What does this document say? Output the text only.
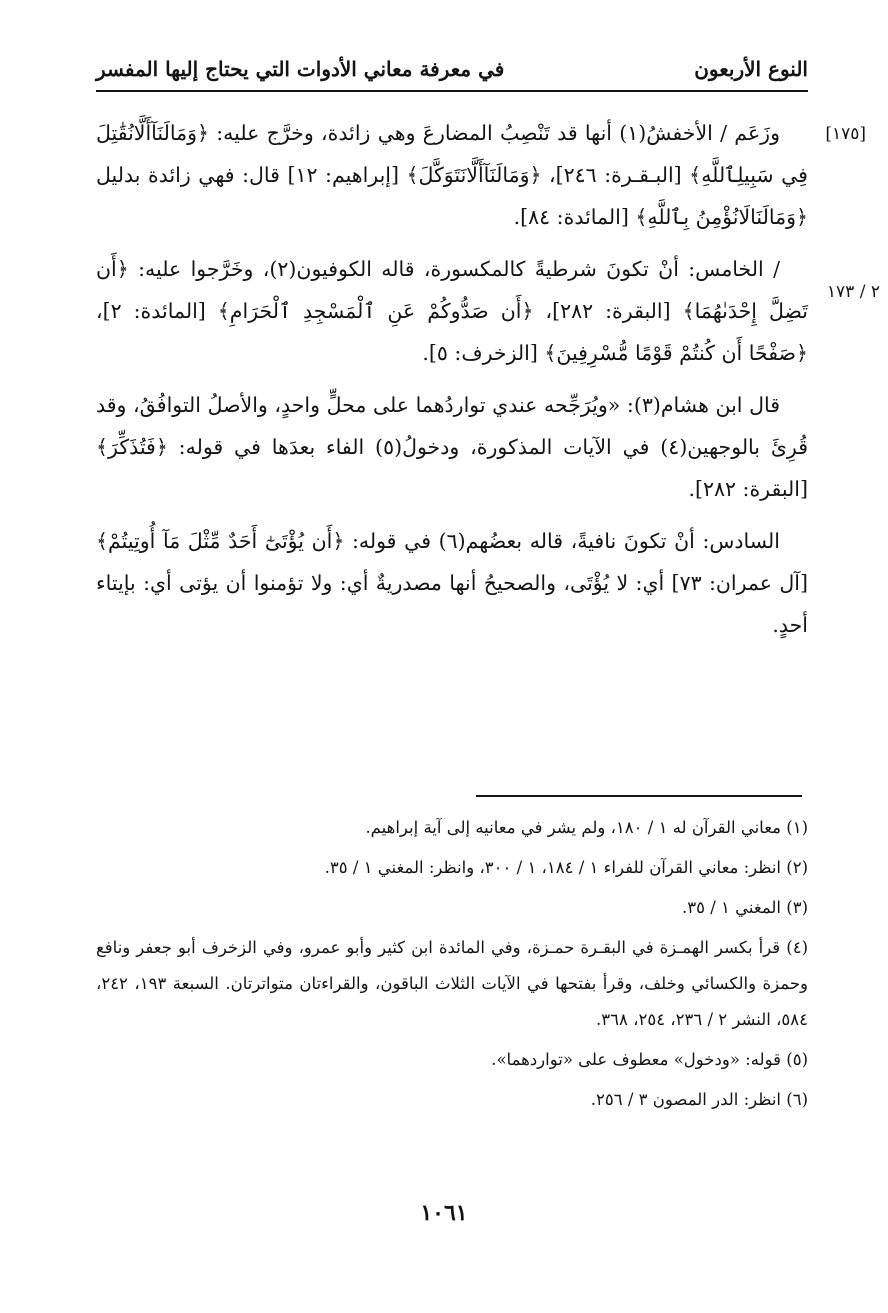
النوع الأربعون
في معرفة معاني الأدوات التي يحتاج إليها المفسر
[١٧٥]
٢ / ١٧٣

وزَعَم / الأخفشُ(١) أنها قد تَنْصِبُ المضارعَ وهي زائدة، وخرَّج عليه: ﴿وَمَالَنَآأَلَّانُقَٰتِلَ فِي سَبِيلِٱللَّهِ﴾ [البـقـرة: ٢٤٦]، ﴿وَمَالَنَآأَلَّانَتَوَكَّلَ﴾ [إبراهيم: ١٢] قال: فهي زائدة بدليل ﴿وَمَالَنَالَانُؤْمِنُ بِٱللَّهِ﴾ [المائدة: ٨٤].

/ الخامس: أنْ تكونَ شرطيةً كالمكسورة، قاله الكوفيون(٢)، وخَرَّجوا عليه: ﴿أَن تَضِلَّ إِحْدَىٰهُمَا﴾ [البقرة: ٢٨٢]، ﴿أَن صَدُّوكُمْ عَنِ ٱلْمَسْجِدِ ٱلْحَرَامِ﴾ [المائدة: ٢]، ﴿صَفْحًا أَن كُنتُمْ قَوْمًا مُّسْرِفِينَ﴾ [الزخرف: ٥].

قال ابن هشام(٣): «ويُرَجِّحه عندي تواردُهما على محلٍّ واحدٍ، والأصلُ التوافُقُ، وقد قُرِئَ بالوجهين(٤) في الآيات المذكورة، ودخولُ(٥) الفاء بعدَها في قوله: ﴿فَتُذَكِّرَ﴾ [البقرة: ٢٨٢].

السادس: أنْ تكونَ نافيةً، قاله بعضُهم(٦) في قوله: ﴿أَن يُؤْتَىٰٓ أَحَدٌ مِّثْلَ مَآ أُوتِيتُمْ﴾ [آل عمران: ٧٣] أي: لا يُؤْتَى، والصحيحُ أنها مصدريةٌ أي: ولا تؤمنوا أن يؤتى أي: بإيتاء أحدٍ.

(١) معاني القرآن له ١ / ١٨٠، ولم يشر في معانيه إلى آية إبراهيم.

(٢) انظر: معاني القرآن للفراء ١ / ١٨٤، ١ / ٣٠٠، وانظر: المغني ١ / ٣٥.

(٣) المغني ١ / ٣٥.

(٤) قرأ بكسر الهمـزة في البقـرة حمـزة، وفي المائدة ابن كثير وأبو عمرو، وفي الزخرف أبو جعفر ونافع وحمزة والكسائي وخلف، وقرأ بفتحها في الآيات الثلاث الباقون، والقراءتان متواترتان. السبعة ١٩٣، ٢٤٢، ٥٨٤، النشر ٢ / ٢٣٦، ٢٥٤، ٣٦٨.

(٥) قوله: «ودخول» معطوف على «تواردهما».

(٦) انظر: الدر المصون ٣ / ٢٥٦.

١٠٦١
